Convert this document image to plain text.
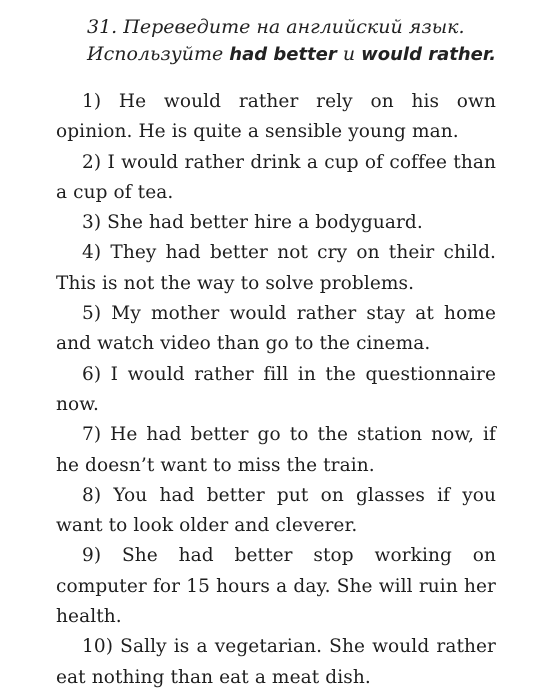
31. Переведите на английский язык. Используйте had better и would rather.
1) He would rather rely on his own opinion. He is quite a sensible young man.
2) I would rather drink a cup of coffee than a cup of tea.
3) She had better hire a bodyguard.
4) They had better not cry on their child. This is not the way to solve problems.
5) My mother would rather stay at home and watch video than go to the cinema.
6) I would rather fill in the questionnaire now.
7) He had better go to the station now, if he doesn’t want to miss the train.
8) You had better put on glasses if you want to look older and cleverer.
9) She had better stop working on computer for 15 hours a day. She will ruin her health.
10) Sally is a vegetarian. She would rather eat nothing than eat a meat dish.
